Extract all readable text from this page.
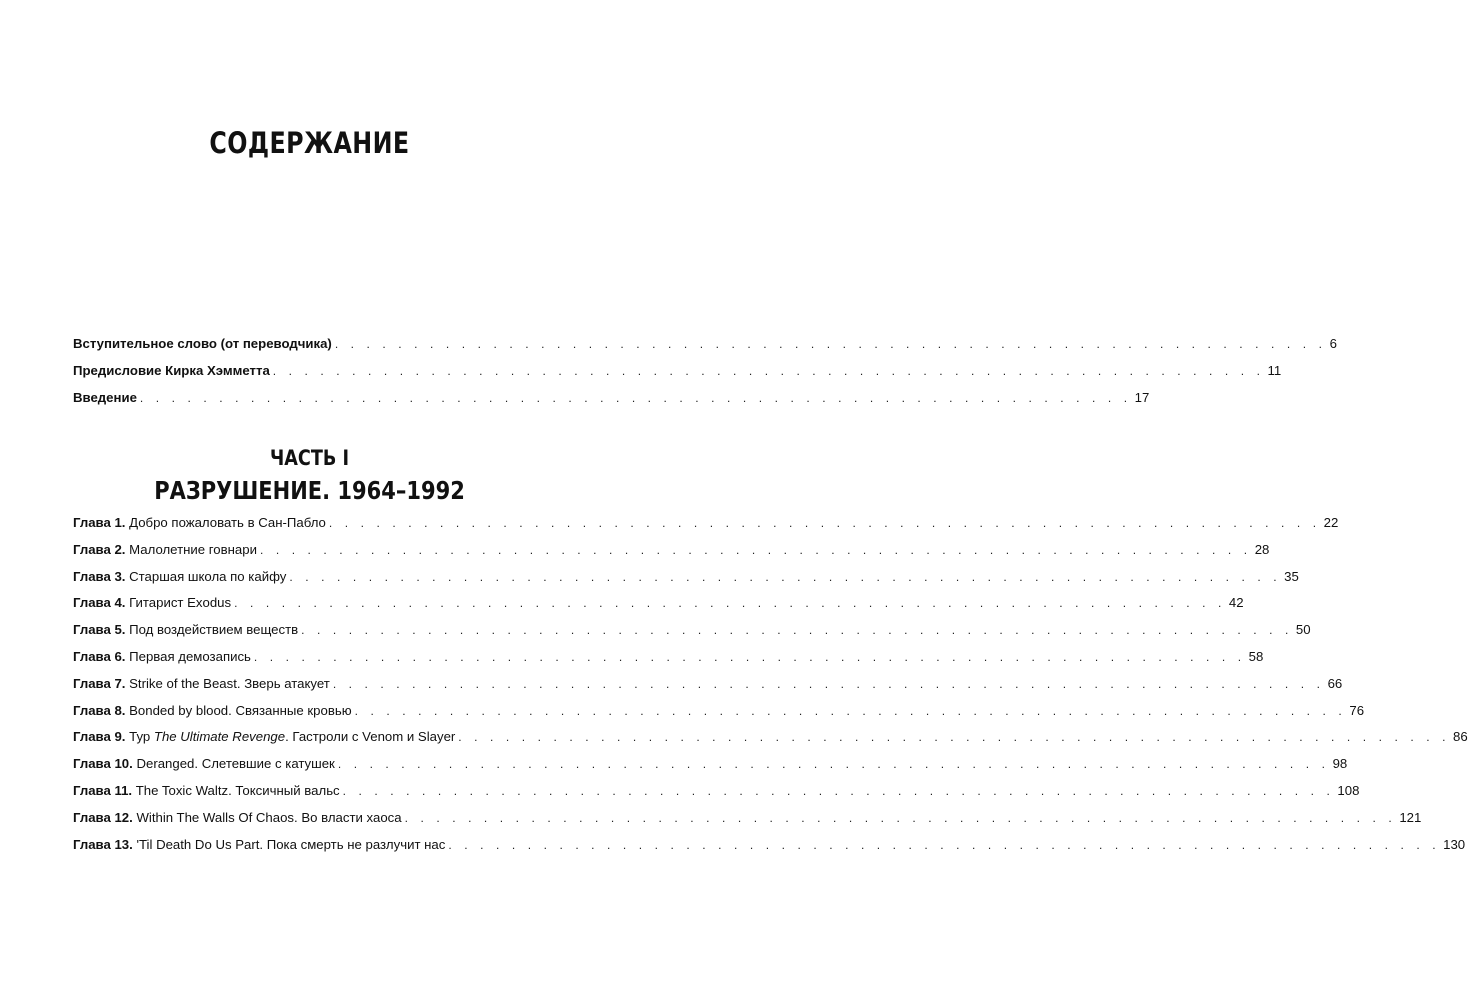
СОДЕРЖАНИЕ
Вступительное слово (от переводчика) . . . . . . . . . . . . . . . . . . . . . . . . . . . . . . . . . . . . . . . . . . . . . . . . . . . . . . . . . . . . . . . 6
Предисловие Кирка Хэмметта . . . . . . . . . . . . . . . . . . . . . . . . . . . . . . . . . . . . . . . . . . . . . . . . . . . . . . . . . . . . . . . 11
Введение . . . . . . . . . . . . . . . . . . . . . . . . . . . . . . . . . . . . . . . . . . . . . . . . . . . . . . . . . . . . . . . 17
ЧАСТЬ I
РАЗРУШЕНИЕ. 1964–1992
Глава 1. Добро пожаловать в Сан-Пабло . . . . . . . . . . . . . . . . . . . . . . . . . . . . . . . . . . . . . . . . . . . . . . . . . . . . . . . . . . . . . . . 22
Глава 2. Малолетние говнари . . . . . . . . . . . . . . . . . . . . . . . . . . . . . . . . . . . . . . . . . . . . . . . . . . . . . . . . . . . . . . . 28
Глава 3. Старшая школа по кайфу . . . . . . . . . . . . . . . . . . . . . . . . . . . . . . . . . . . . . . . . . . . . . . . . . . . . . . . . . . . . . . . 35
Глава 4. Гитарист Exodus . . . . . . . . . . . . . . . . . . . . . . . . . . . . . . . . . . . . . . . . . . . . . . . . . . . . . . . . . . . . . . . 42
Глава 5. Под воздействием веществ . . . . . . . . . . . . . . . . . . . . . . . . . . . . . . . . . . . . . . . . . . . . . . . . . . . . . . . . . . . . . . . 50
Глава 6. Первая демозапись . . . . . . . . . . . . . . . . . . . . . . . . . . . . . . . . . . . . . . . . . . . . . . . . . . . . . . . . . . . . . . . 58
Глава 7. Strike of the Beast. Зверь атакует . . . . . . . . . . . . . . . . . . . . . . . . . . . . . . . . . . . . . . . . . . . . . . . . . . . . . . . . . . . . . . . 66
Глава 8. Bonded by blood. Связанные кровью . . . . . . . . . . . . . . . . . . . . . . . . . . . . . . . . . . . . . . . . . . . . . . . . . . . . . . . . . . . . . . . 76
Глава 9. Тур The Ultimate Revenge. Гастроли с Venom и Slayer . . . . . . . . . . . . . . . . . . . . . . . . . . . . . . . . . . . . . . . . . . . . . . . . . . . . . . . . . . . . . . . 86
Глава 10. Deranged. Слетевшие с катушек . . . . . . . . . . . . . . . . . . . . . . . . . . . . . . . . . . . . . . . . . . . . . . . . . . . . . . . . . . . . . . . 98
Глава 11. The Toxic Waltz. Токсичный вальс . . . . . . . . . . . . . . . . . . . . . . . . . . . . . . . . . . . . . . . . . . . . . . . . . . . . . . . . . . . . . . . 108
Глава 12. Within The Walls Of Chaos. Во власти хаоса . . . . . . . . . . . . . . . . . . . . . . . . . . . . . . . . . . . . . . . . . . . . . . . . . . . . . . . . . . . . . . . 121
Глава 13. 'Til Death Do Us Part. Пока смерть не разлучит нас . . . . . . . . . . . . . . . . . . . . . . . . . . . . . . . . . . . . . . . . . . . . . . . . . . . . . . . . . . . . . . . 130
